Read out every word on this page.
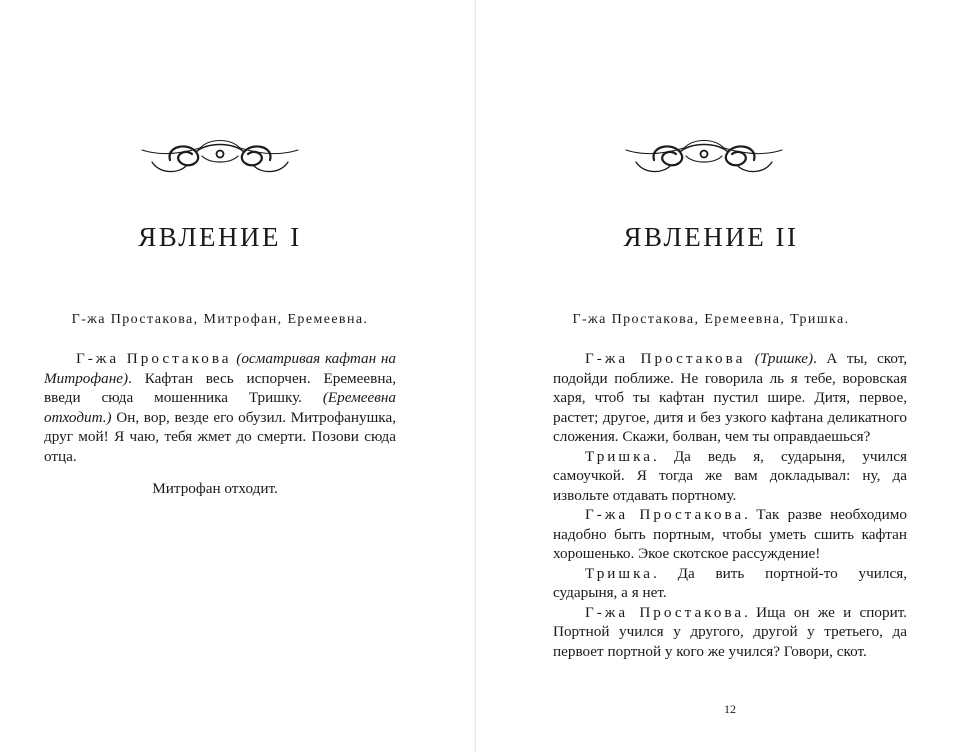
ЯВЛЕНИЕ I

Г-жа Простакова, Митрофан, Еремеевна.

Г-жа Простакова (осматривая кафтан на Митрофане). Кафтан весь испорчен. Еремеевна, введи сюда мошенника Тришку. (Еремеевна отходит.) Он, вор, везде его обузил. Митрофанушка, друг мой! Я чаю, тебя жмет до смерти. Позови сюда отца.

Митрофан отходит.

ЯВЛЕНИЕ II

Г-жа Простакова, Еремеевна, Тришка.

Г-жа Простакова (Тришке). А ты, скот, подойди поближе. Не говорила ль я тебе, воровская харя, чтоб ты кафтан пустил шире. Дитя, первое, растет; другое, дитя и без узкого кафтана деликатного сложения. Скажи, болван, чем ты оправдаешься?

Тришка. Да ведь я, сударыня, учился самоучкой. Я тогда же вам докладывал: ну, да извольте отдавать портному.

Г-жа Простакова. Так разве необходимо надобно быть портным, чтобы уметь сшить кафтан хорошенько. Экое скотское рассуждение!

Тришка. Да вить портной-то учился, сударыня, а я нет.

Г-жа Простакова. Ища он же и спорит. Портной учился у другого, другой у третьего, да первоет портной у кого же учился? Говори, скот.

12
